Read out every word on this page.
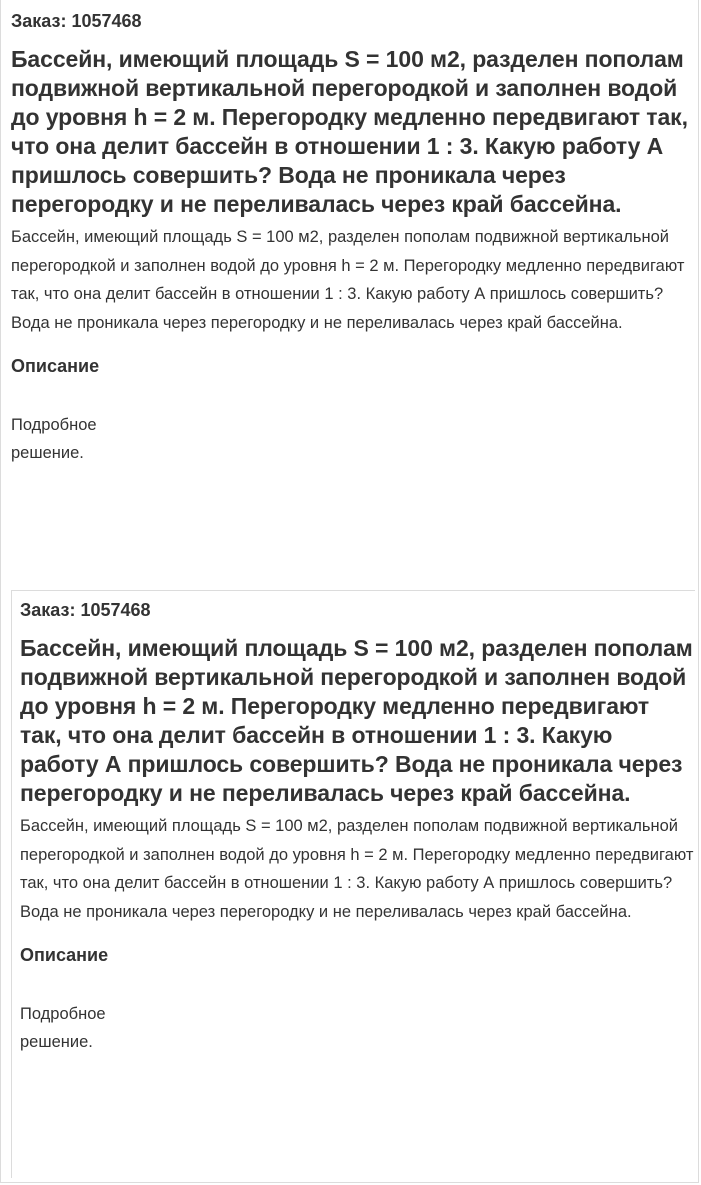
Заказ: 1057468
Бассейн, имеющий площадь S = 100 м2, разделен пополам подвижной вертикальной перегородкой и заполнен водой до уровня h = 2 м. Перегородку медленно передвигают так, что она делит бассейн в отношении 1 : 3. Какую работу А пришлось совершить? Вода не проникала через перегородку и не переливалась через край бассейна.

Бассейн, имеющий площадь S = 100 м2, разделен пополам подвижной вертикальной перегородкой и заполнен водой до уровня h = 2 м. Перегородку медленно передвигают так, что она делит бассейн в отношении 1 : 3. Какую работу А пришлось совершить? Вода не проникала через перегородку и не переливалась через край бассейна.

Описание

Подробное решение.

Заказ: 1057468
Бассейн, имеющий площадь S = 100 м2, разделен пополам подвижной вертикальной перегородкой и заполнен водой до уровня h = 2 м. Перегородку медленно передвигают так, что она делит бассейн в отношении 1 : 3. Какую работу А пришлось совершить? Вода не проникала через перегородку и не переливалась через край бассейна.

Бассейн, имеющий площадь S = 100 м2, разделен пополам подвижной вертикальной перегородкой и заполнен водой до уровня h = 2 м. Перегородку медленно передвигают так, что она делит бассейн в отношении 1 : 3. Какую работу А пришлось совершить? Вода не проникала через перегородку и не переливалась через край бассейна.

Описание

Подробное решение.
